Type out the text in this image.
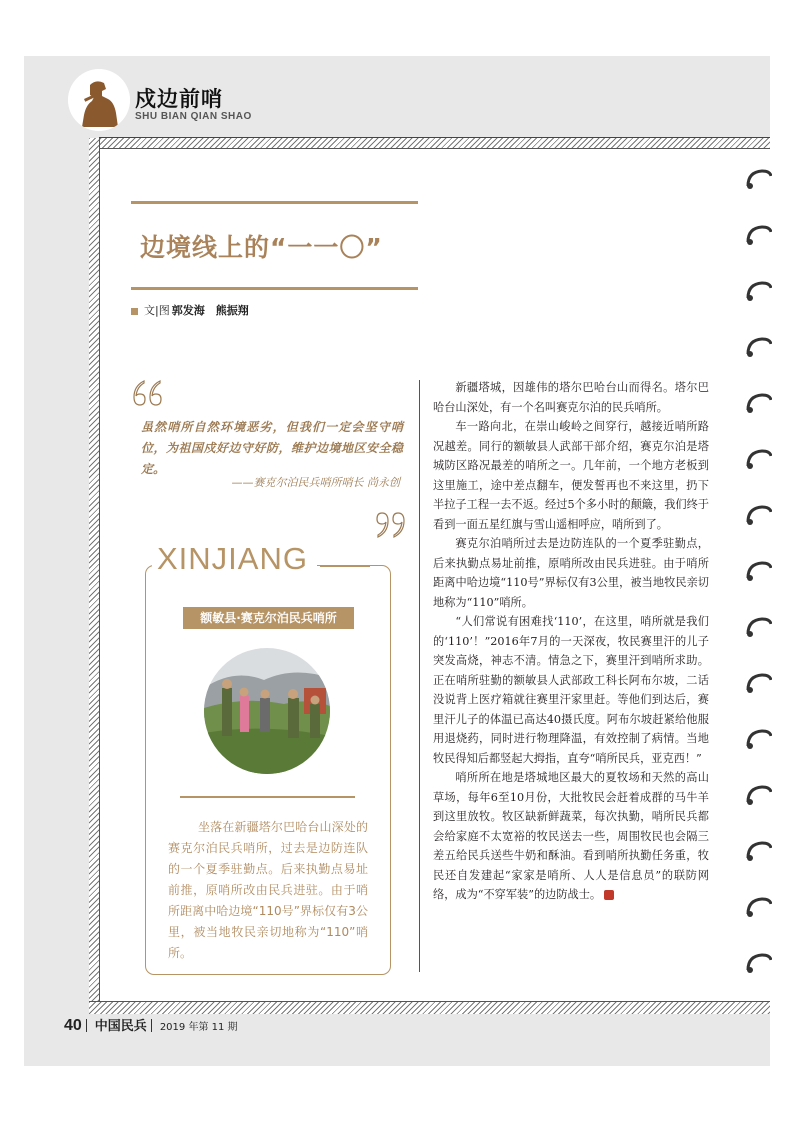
戍边前哨
SHU BIAN QIAN SHAO
边境线上的“一一〇”
文|图 郭发海　熊振翔
虽然哨所自然环境恶劣，但我们一定会坚守哨位，为祖国戍好边守好防，维护边境地区安全稳定。
——赛克尔泊民兵哨所哨长 尚永创
XINJIANG
额敏县·赛克尔泊民兵哨所
坐落在新疆塔尔巴哈台山深处的赛克尔泊民兵哨所，过去是边防连队的一个夏季驻勤点。后来执勤点易址前推，原哨所改由民兵进驻。由于哨所距离中哈边境“110号”界标仅有3公里，被当地牧民亲切地称为“110”哨所。

新疆塔城，因雄伟的塔尔巴哈台山而得名。塔尔巴哈台山深处，有一个名叫赛克尔泊的民兵哨所。

车一路向北，在崇山峻岭之间穿行，越接近哨所路况越差。同行的额敏县人武部干部介绍，赛克尔泊是塔城防区路况最差的哨所之一。几年前，一个地方老板到这里施工，途中差点翻车，便发誓再也不来这里，扔下半拉子工程一去不返。经过5个多小时的颠簸，我们终于看到一面五星红旗与雪山遥相呼应，哨所到了。

赛克尔泊哨所过去是边防连队的一个夏季驻勤点，后来执勤点易址前推，原哨所改由民兵进驻。由于哨所距离中哈边境“110号”界标仅有3公里，被当地牧民亲切地称为“110”哨所。

“人们常说有困难找‘110’，在这里，哨所就是我们的‘110’！”2016年7月的一天深夜，牧民赛里汗的儿子突发高烧，神志不清。情急之下，赛里汗到哨所求助。正在哨所驻勤的额敏县人武部政工科长阿布尔坡，二话没说背上医疗箱就往赛里汗家里赶。等他们到达后，赛里汗儿子的体温已高达40摄氏度。阿布尔坡赶紧给他服用退烧药，同时进行物理降温，有效控制了病情。当地牧民得知后都竖起大拇指，直夸“哨所民兵，亚克西！”

哨所所在地是塔城地区最大的夏牧场和天然的高山草场，每年6至10月份，大批牧民会赶着成群的马牛羊到这里放牧。牧区缺新鲜蔬菜，每次执勤，哨所民兵都会给家庭不太宽裕的牧民送去一些，周围牧民也会隔三差五给民兵送些牛奶和酥油。看到哨所执勤任务重，牧民还自发建起“家家是哨所、人人是信息员”的联防网络，成为“不穿军装”的边防战士。

40 中国民兵 2019 年第 11 期
